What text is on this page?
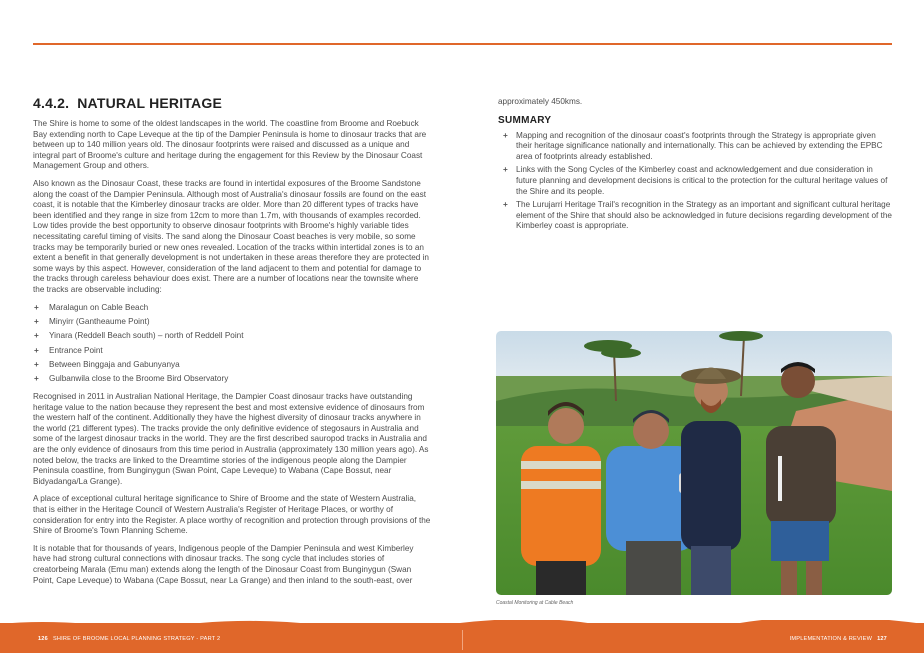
4.4.2. NATURAL HERITAGE

The Shire is home to some of the oldest landscapes in the world. The coastline from Broome and Roebuck Bay extending north to Cape Leveque at the tip of the Dampier Peninsula is home to dinosaur tracks that are between up to 140 million years old. The dinosaur footprints were raised and discussed as a unique and integral part of Broome's culture and heritage during the engagement for this Review by the Dinosaur Coast Management Group and others.

Also known as the Dinosaur Coast, these tracks are found in intertidal exposures of the Broome Sandstone along the coast of the Dampier Peninsula. Although most of Australia's dinosaur fossils are found on the east coast, it is notable that the Kimberley dinosaur tracks are older. More than 20 different types of tracks have been identified and they range in size from 12cm to more than 1.7m, with thousands of examples recorded. Low tides provide the best opportunity to observe dinosaur footprints with Broome's highly variable tides necessitating careful timing of visits. The sand along the Dinosaur Coast beaches is very mobile, so some tracks may be temporarily buried or new ones revealed. Location of the tracks within intertidal zones is to an extent a benefit in that generally development is not undertaken in these areas therefore they are protected in some ways by this aspect. However, consideration of the land adjacent to them and potential for damage to the tracks through careless behaviour does exist. There are a number of locations near the townsite where the tracks are observable including:

+ Maralagun on Cable Beach
+ Minyirr (Gantheaume Point)
+ Yinara (Reddell Beach south) – north of Reddell Point
+ Entrance Point
+ Between Binggaja and Gabunyanya
+ Gulbanwila close to the Broome Bird Observatory

Recognised in 2011 in Australian National Heritage, the Dampier Coast dinosaur tracks have outstanding heritage value to the nation because they represent the best and most extensive evidence of dinosaurs from the western half of the continent. Additionally they have the highest diversity of dinosaur tracks anywhere in the world (21 different types). The tracks provide the only definitive evidence of stegosaurs in Australia and some of the largest dinosaur tracks in the world. They are the first described sauropod tracks in Australia and are the only evidence of dinosaurs from this time period in Australia (approximately 130 million years ago). As noted below, the tracks are linked to the Dreamtime stories of the indigenous people along the Dampier Peninsula coastline, from Bunginygun (Swan Point, Cape Leveque) to Wabana (Cape Bossut, near Bidyadanga/La Grange).

A place of exceptional cultural heritage significance to Shire of Broome and the state of Western Australia, that is either in the Heritage Council of Western Australia's Register of Heritage Places, or worthy of consideration for entry into the Register. A place worthy of recognition and protection through provisions of the Shire of Broome's Town Planning Scheme.

It is notable that for thousands of years, Indigenous people of the Dampier Peninsula and west Kimberley have had strong cultural connections with dinosaur tracks. The song cycle that includes stories of creatorbeing Marala (Emu man) extends along the length of the Dinosaur Coast from Bunginygun (Swan Point, Cape Leveque) to Wabana (Cape Bossut, near La Grange) and then inland to the south-east, over

approximately 450kms.

SUMMARY
+ Mapping and recognition of the dinosaur coast's footprints through the Strategy is appropriate given their heritage significance nationally and internationally. This can be achieved by extending the EPBC area of footprints already established.
+ Links with the Song Cycles of the Kimberley coast and acknowledgement and due consideration in future planning and development decisions is critical to the protection for the cultural heritage values of the Shire and its people.
+ The Lurujarri Heritage Trail's recognition in the Strategy as an important and significant cultural heritage element of the Shire that should also be acknowledged in future decisions regarding development of the Kimberley coast is appropriate.
Coastal Monitoring at Cable Beach
126 SHIRE OF BROOME LOCAL PLANNING STRATEGY - PART 2	IMPLEMENTATION & REVIEW 127
